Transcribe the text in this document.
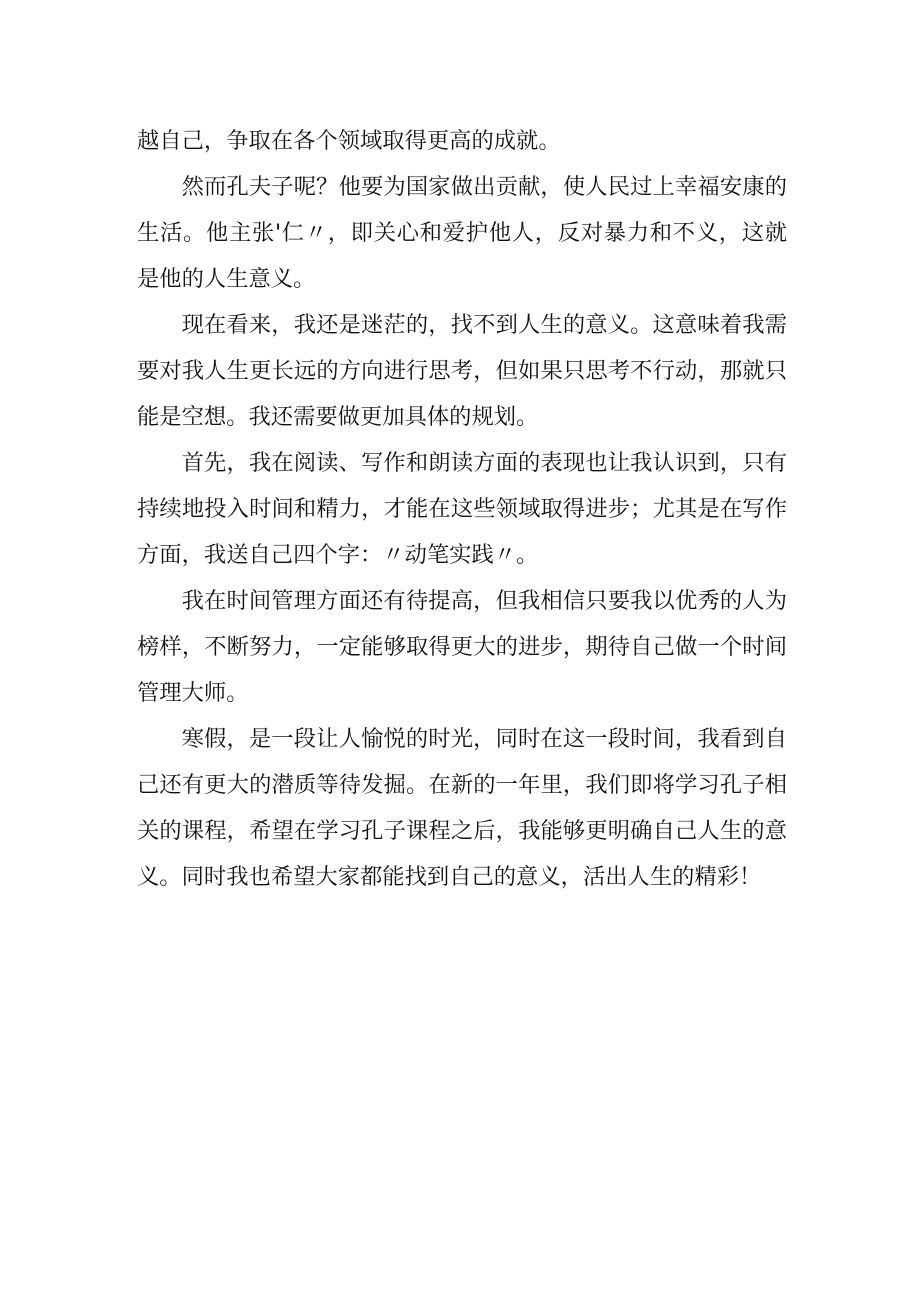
越自己，争取在各个领域取得更高的成就。

然而孔夫子呢？他要为国家做出贡献，使人民过上幸福安康的生活。他主张'仁〃，即关心和爱护他人，反对暴力和不义，这就是他的人生意义。

现在看来，我还是迷茫的，找不到人生的意义。这意味着我需要对我人生更长远的方向进行思考，但如果只思考不行动，那就只能是空想。我还需要做更加具体的规划。

首先，我在阅读、写作和朗读方面的表现也让我认识到，只有持续地投入时间和精力，才能在这些领域取得进步；尤其是在写作方面，我送自己四个字：〃动笔实践〃。

我在时间管理方面还有待提高，但我相信只要我以优秀的人为榜样，不断努力，一定能够取得更大的进步，期待自己做一个时间管理大师。

寒假，是一段让人愉悦的时光，同时在这一段时间，我看到自己还有更大的潜质等待发掘。在新的一年里，我们即将学习孔子相关的课程，希望在学习孔子课程之后，我能够更明确自己人生的意义。同时我也希望大家都能找到自己的意义，活出人生的精彩！
